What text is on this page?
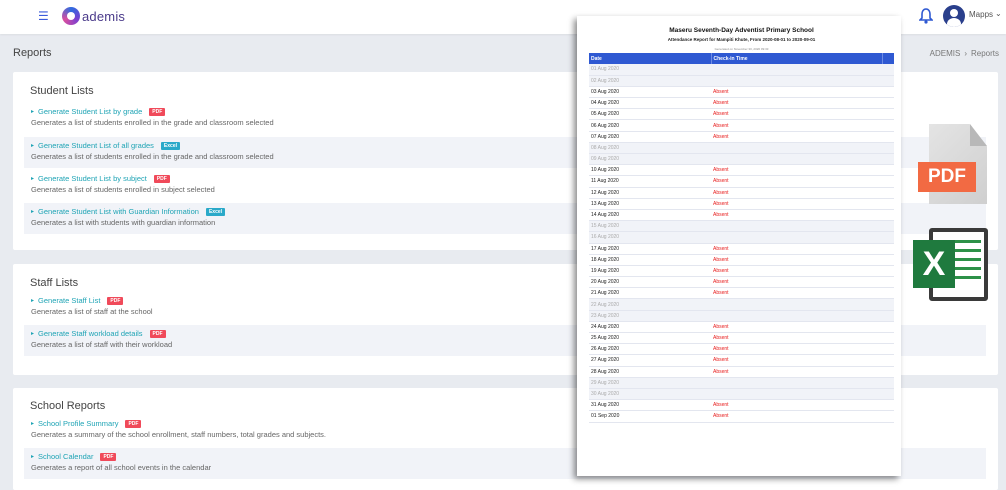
☰	ademis	Mapps ⌄
Reports	ADEMIS › Reports
Student Lists
▸ Generate Student List by grade	PDF
Generates a list of students enrolled in the grade and classroom selected
▸ Generate Student List of all grades	Excel
Generates a list of students enrolled in the grade and classroom selected
▸ Generate Student List by subject	PDF
Generates a list of students enrolled in subject selected
▸ Generate Student List with Guardian Information	Excel
Generates a list with students with guardian information
Staff Lists
▸ Generate Staff List	PDF
Generates a list of staff at the school
▸ Generate Staff workload details	PDF
Generates a list of staff with their workload
School Reports
▸ School Profile Summary	PDF
Generates a summary of the school enrollment, staff numbers, total grades and subjects.
▸ School Calendar	PDF
Generates a report of all school events in the calendar
PDF
X
Maseru Seventh-Day Adventist Primary School
Attendance Report for Mampiti Khute, From 2020-08-01 to 2020-09-01
Generated on November 30, 2020 09:33
Date	Check-in Time	
01 Aug 2020		
02 Aug 2020		
03 Aug 2020	Absent	
04 Aug 2020	Absent	
05 Aug 2020	Absent	
06 Aug 2020	Absent	
07 Aug 2020	Absent	
08 Aug 2020		
09 Aug 2020		
10 Aug 2020	Absent	
11 Aug 2020	Absent	
12 Aug 2020	Absent	
13 Aug 2020	Absent	
14 Aug 2020	Absent	
15 Aug 2020		
16 Aug 2020		
17 Aug 2020	Absent	
18 Aug 2020	Absent	
19 Aug 2020	Absent	
20 Aug 2020	Absent	
21 Aug 2020	Absent	
22 Aug 2020		
23 Aug 2020		
24 Aug 2020	Absent	
25 Aug 2020	Absent	
26 Aug 2020	Absent	
27 Aug 2020	Absent	
28 Aug 2020	Absent	
29 Aug 2020		
30 Aug 2020		
31 Aug 2020	Absent	
01 Sep 2020	Absent	
